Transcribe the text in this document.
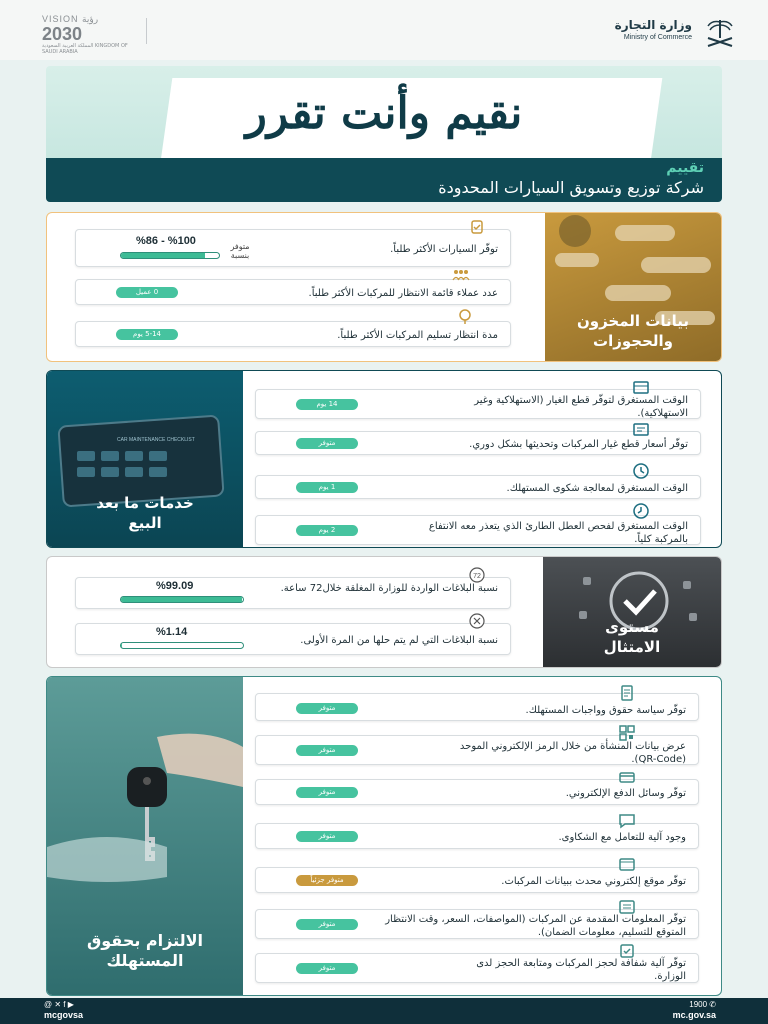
VISION رؤية
2030
المملكة العربية السعودية KINGDOM OF SAUDI ARABIA
وزارة التجارة
Ministry of Commerce
نقيم وأنت تقرر
تقييم
شركة توزيع وتسويق السيارات المحدودة
بيانات المخزون والحجوزات
توفّر السيارات الأكثر طلباً.
متوفر بنسبة
%86 - %100
عدد عملاء قائمة الانتظار للمركبات الأكثر طلباً.
0 عميل
مدة انتظار تسليم المركبات الأكثر طلباً.
5-14 يوم
CAR MAINTENANCE CHECKLIST
خدمات ما بعد البيع
الوقت المستغرق لتوفّر قطع الغيار (الاستهلاكية وغير الاستهلاكية).
14 يوم
توفّر أسعار قطع غيار المركبات وتحديثها بشكل دوري.
متوفر
الوقت المستغرق لمعالجة شكوى المستهلك.
1 يوم
الوقت المستغرق لفحص العطل الطارئ الذي يتعذر معه الانتفاع بالمركبة كلياً.
2 يوم
مستوى الامتثال
72
نسبة البلاغات الواردة للوزارة المغلقة خلال72 ساعة.
%99.09
نسبة البلاغات التي لم يتم حلها من المرة الأولى.
%1.14
الالتزام بحقوق المستهلك
توفّر سياسة حقوق وواجبات المستهلك.
متوفر
عرض بيانات المنشأة من خلال الرمز الإلكتروني الموحد (QR-Code).
متوفر
توفّر وسائل الدفع الإلكتروني.
متوفر
وجود آلية للتعامل مع الشكاوى.
متوفر
توفّر موقع إلكتروني محدث ببيانات المركبات.
متوفر جزئياً
توفّر المعلومات المقدمة عن المركبات (المواصفات، السعر، وقت الانتظار المتوقع للتسليم، معلومات الضمان).
متوفر
توفّر آلية شفافة لحجز المركبات ومتابعة الحجز لدى الوزارة.
متوفر
@ ✕ f ▶
mcgovsa
1900 ✆
mc.gov.sa
